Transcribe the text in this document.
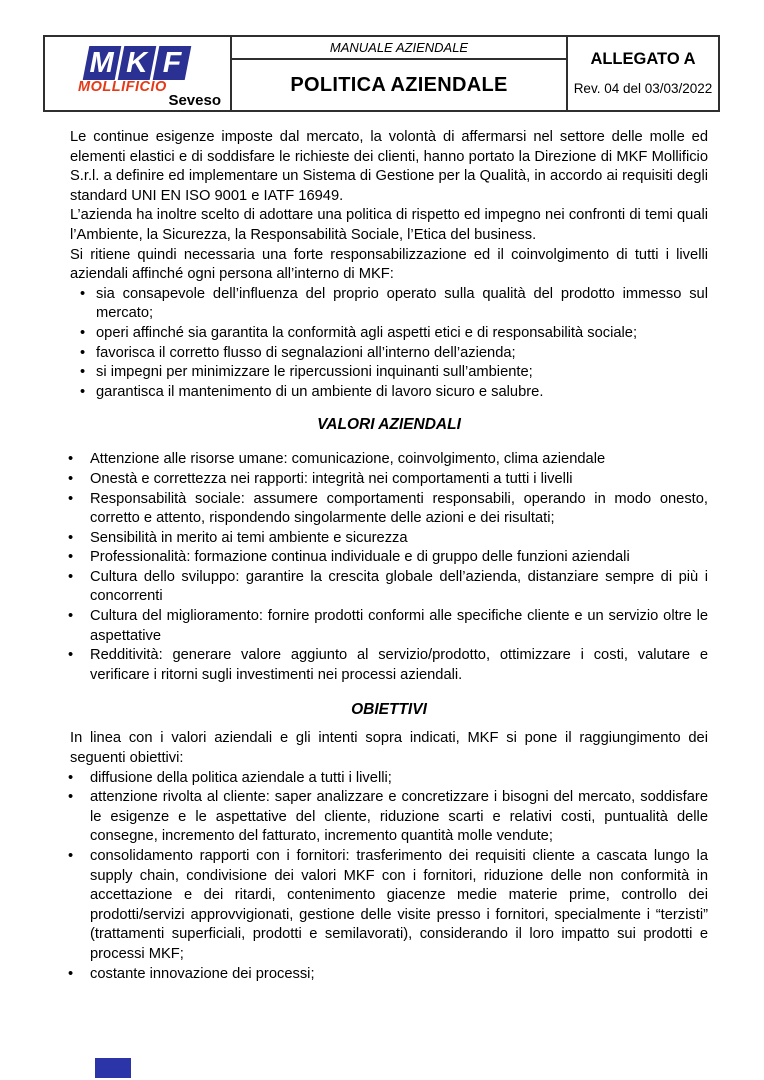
M K F
MOLLIFICIO
Seveso
MANUALE AZIENDALE
POLITICA AZIENDALE
ALLEGATO A
Rev. 04 del 03/03/2022

Le continue esigenze imposte dal mercato, la volontà di affermarsi nel settore delle molle ed elementi elastici e di soddisfare le richieste dei clienti, hanno portato la Direzione di MKF Mollificio S.r.l. a definire ed implementare un Sistema di Gestione per la Qualità, in accordo ai requisiti degli standard UNI EN ISO 9001 e IATF 16949.

L’azienda ha inoltre scelto di adottare una politica di rispetto ed impegno nei confronti di temi quali l’Ambiente, la Sicurezza, la Responsabilità Sociale, l’Etica del business.

Si ritiene quindi necessaria una forte responsabilizzazione ed il coinvolgimento di tutti i livelli aziendali affinché ogni persona all’interno di MKF:

• sia consapevole dell’influenza del proprio operato sulla qualità del prodotto immesso sul mercato;
• operi affinché sia garantita la conformità agli aspetti etici e di responsabilità sociale;
• favorisca il corretto flusso di segnalazioni all’interno dell’azienda;
• si impegni per minimizzare le ripercussioni inquinanti sull’ambiente;
• garantisca il mantenimento di un ambiente di lavoro sicuro e salubre.
VALORI AZIENDALI
• Attenzione alle risorse umane: comunicazione, coinvolgimento, clima aziendale
• Onestà e correttezza nei rapporti: integrità nei comportamenti a tutti i livelli
• Responsabilità sociale: assumere comportamenti responsabili, operando in modo onesto, corretto e attento, rispondendo singolarmente delle azioni e dei risultati;
• Sensibilità in merito ai temi ambiente e sicurezza
• Professionalità: formazione continua individuale e di gruppo delle funzioni aziendali
• Cultura dello sviluppo: garantire la crescita globale dell’azienda, distanziare sempre di più i concorrenti
• Cultura del miglioramento: fornire prodotti conformi alle specifiche cliente e un servizio oltre le aspettative
• Redditività: generare valore aggiunto al servizio/prodotto, ottimizzare i costi, valutare e verificare i ritorni sugli investimenti nei processi aziendali.
OBIETTIVI

In linea con i valori aziendali e gli intenti sopra indicati, MKF si pone il raggiungimento dei seguenti obiettivi:

• diffusione della politica aziendale a tutti i livelli;
• attenzione rivolta al cliente: saper analizzare e concretizzare i bisogni del mercato, soddisfare le esigenze e le aspettative del cliente, riduzione scarti e relativi costi, puntualità delle consegne, incremento del fatturato, incremento quantità molle vendute;
• consolidamento rapporti con i fornitori: trasferimento dei requisiti cliente a cascata lungo la supply chain, condivisione dei valori MKF con i fornitori, riduzione delle non conformità in accettazione e dei ritardi, contenimento giacenze medie materie prime, controllo dei prodotti/servizi approvvigionati, gestione delle visite presso i fornitori, specialmente i “terzisti” (trattamenti superficiali, prodotti e semilavorati), considerando il loro impatto sui prodotti e processi MKF;
• costante innovazione dei processi;
